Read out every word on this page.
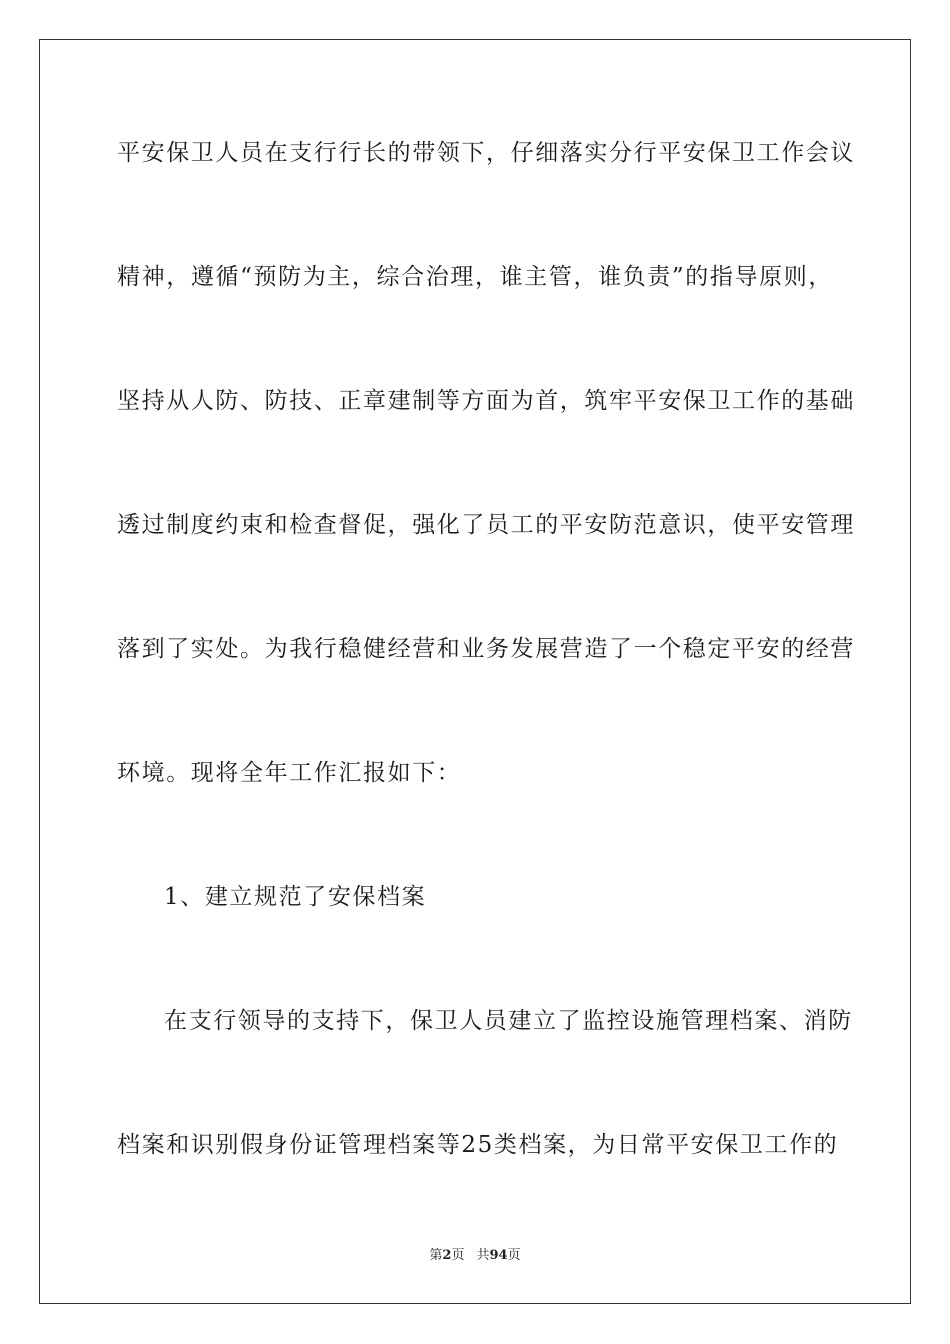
平安保卫人员在支行行长的带领下，仔细落实分行平安保卫工作会议
精神，遵循“预防为主，综合治理，谁主管，谁负责”的指导原则，
坚持从人防、防技、正章建制等方面为首，筑牢平安保卫工作的基础
透过制度约束和检查督促，强化了员工的平安防范意识，使平安管理
落到了实处。为我行稳健经营和业务发展营造了一个稳定平安的经营
环境。现将全年工作汇报如下：
1、建立规范了安保档案
在支行领导的支持下，保卫人员建立了监控设施管理档案、消防
档案和识别假身份证管理档案等25类档案，为日常平安保卫工作的
第2页 共94页
